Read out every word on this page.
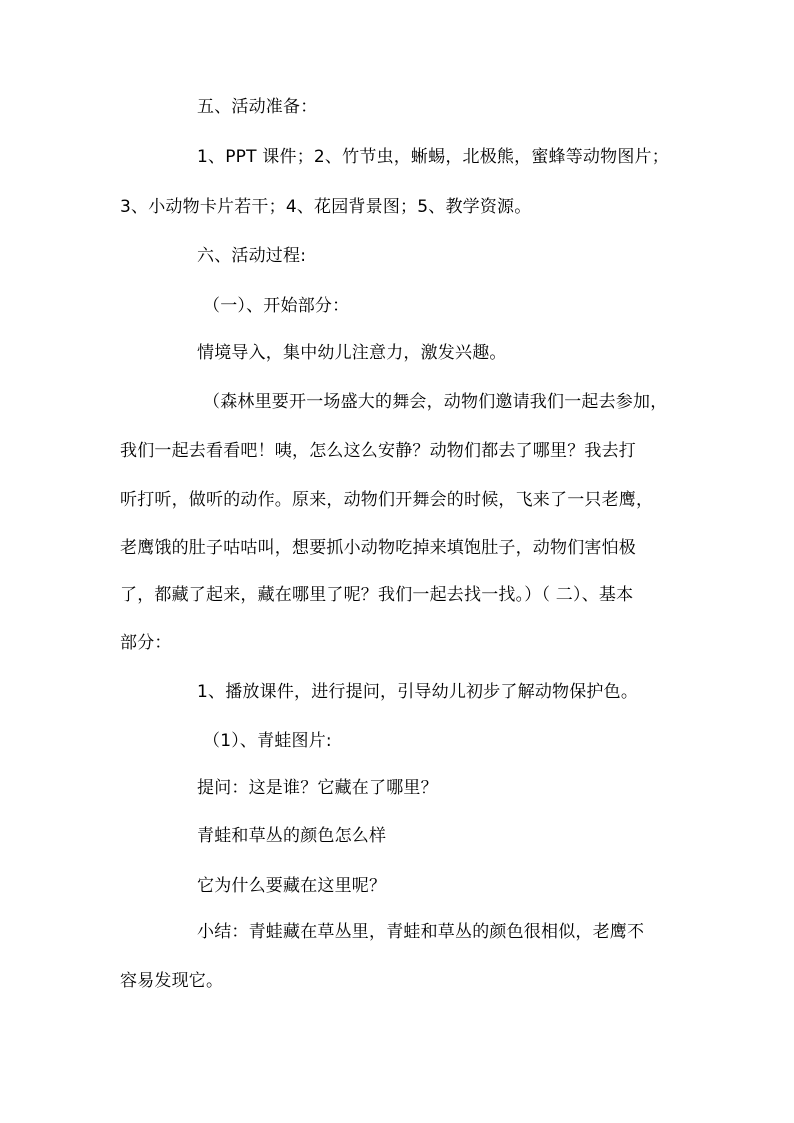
五、活动准备：
1、PPT 课件；2、竹节虫，蜥蜴，北极熊，蜜蜂等动物图片；
3、小动物卡片若干；4、花园背景图；5、教学资源。
六、活动过程:
（一）、开始部分：
情境导入，集中幼儿注意力，激发兴趣。
（森林里要开一场盛大的舞会，动物们邀请我们一起去参加，
我们一起去看看吧！咦，怎么这么安静？动物们都去了哪里？我去打
听打听，做听的动作。原来，动物们开舞会的时候，飞来了一只老鹰，
老鹰饿的肚子咕咕叫，想要抓小动物吃掉来填饱肚子，动物们害怕极
了，都藏了起来，藏在哪里了呢？我们一起去找一找。）（ 二）、基本
部分：
1、播放课件，进行提问，引导幼儿初步了解动物保护色。
（1）、青蛙图片:
提问：这是谁？它藏在了哪里？
青蛙和草丛的颜色怎么样
它为什么要藏在这里呢？
小结：青蛙藏在草丛里，青蛙和草丛的颜色很相似，老鹰不
容易发现它。
